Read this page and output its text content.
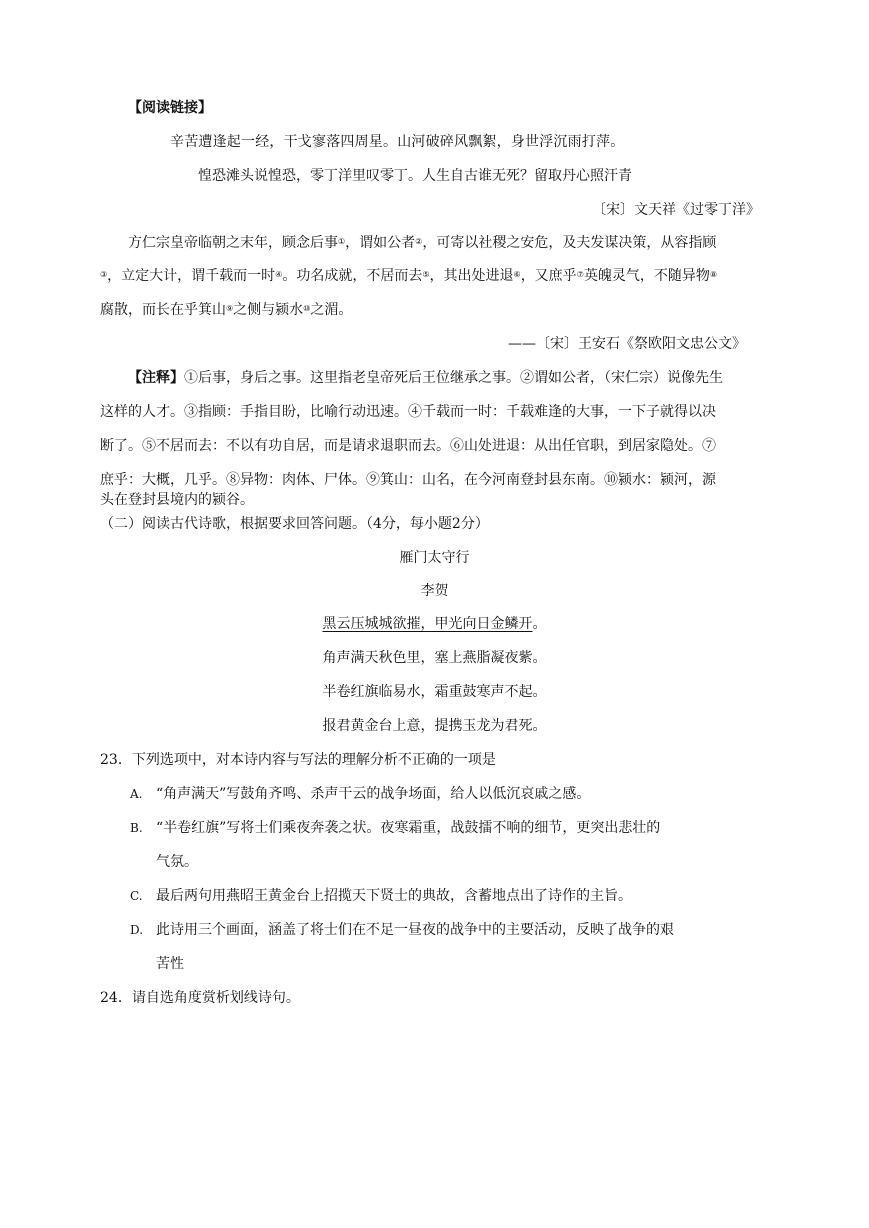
【阅读链接】
辛苦遭逢起一经，干戈寥落四周星。山河破碎风飘絮，身世浮沉雨打萍。
惶恐滩头说惶恐，零丁洋里叹零丁。人生自古谁无死？留取丹心照汗青
〔宋〕文天祥《过零丁洋》
方仁宗皇帝临朝之末年，顾念后事①，谓如公者②，可寄以社稷之安危，及夫发谋决策，从容指顾
③，立定大计，谓千载而一时④。功名成就，不居而去⑤，其出处进退⑥，又庶乎⑦英魄灵气，不随异物⑧
腐散，而长在乎箕山⑨之侧与颍水⑩之湄。
——〔宋〕王安石《祭欧阳文忠公文》
【注释】①后事，身后之事。这里指老皇帝死后王位继承之事。②谓如公者，（宋仁宗）说像先生
这样的人才。③指顾：手指目盼，比喻行动迅速。④千载而一时：千载难逢的大事，一下子就得以决
断了。⑤不居而去：不以有功自居，而是请求退职而去。⑥山处进退：从出任官职，到居家隐处。⑦
庶乎：大概，几乎。⑧异物：肉体、尸体。⑨箕山：山名，在今河南登封县东南。⑩颍水：颍河，源
头在登封县境内的颍谷。
（二）阅读古代诗歌，根据要求回答问题。（4分，每小题2分）
雁门太守行
李贺
黑云压城城欲摧，甲光向日金鳞开。
角声满天秋色里，塞上燕脂凝夜紫。
半卷红旗临易水，霜重鼓寒声不起。
报君黄金台上意，提携玉龙为君死。
23．下列选项中，对本诗内容与写法的理解分析不正确的一项是
A. “角声满天”写鼓角齐鸣、杀声干云的战争场面，给人以低沉哀戚之感。
B. “半卷红旗”写将士们乘夜奔袭之状。夜寒霜重，战鼓擂不响的细节，更突出悲壮的
气氛。
C. 最后两句用燕昭王黄金台上招揽天下贤士的典故，含蓄地点出了诗作的主旨。
D. 此诗用三个画面，涵盖了将士们在不足一昼夜的战争中的主要活动，反映了战争的艰
苦性
24．请自选角度赏析划线诗句。
